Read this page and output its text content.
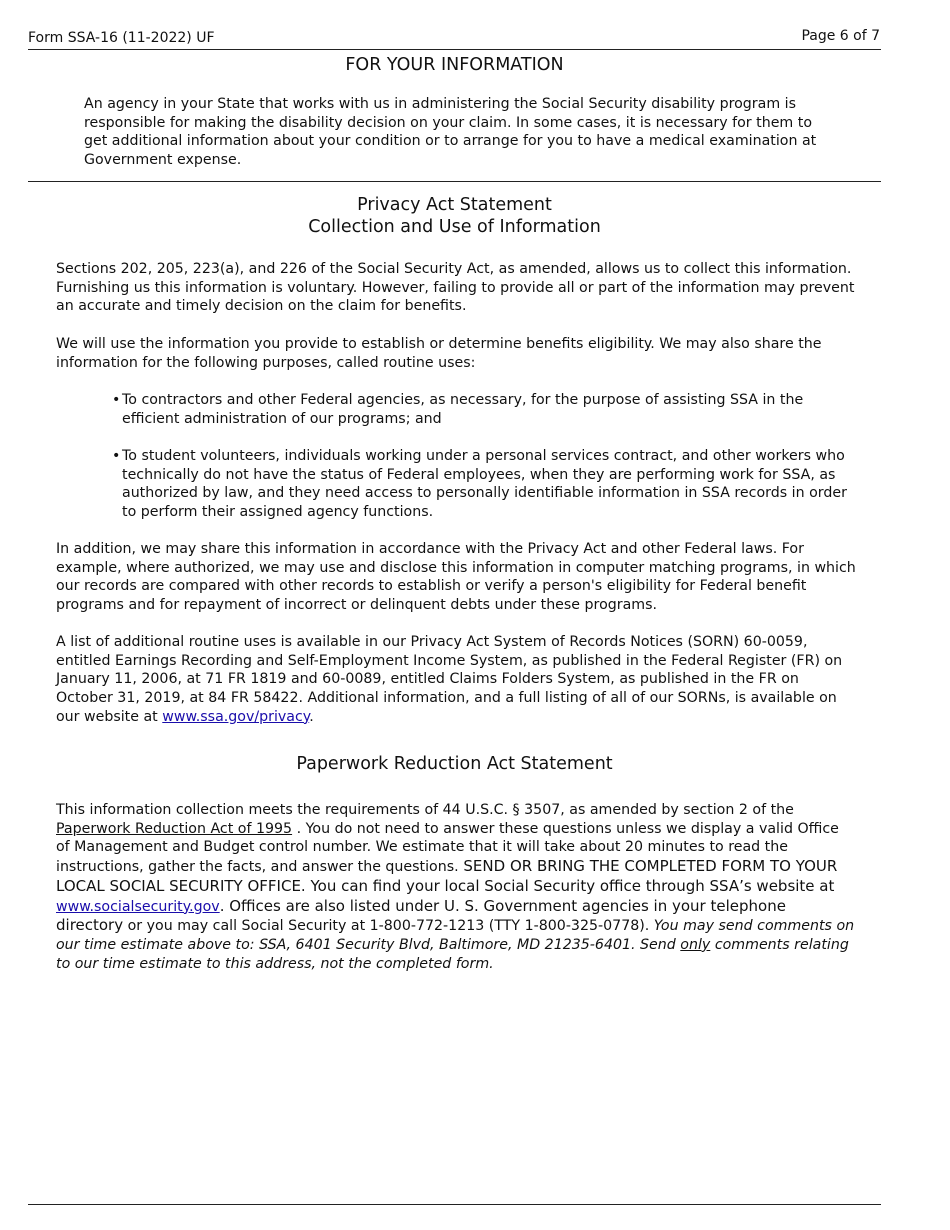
Form SSA-16 (11-2022) UF	Page 6 of 7
FOR YOUR INFORMATION
An agency in your State that works with us in administering the Social Security disability program is responsible for making the disability decision on your claim. In some cases, it is necessary for them to get additional information about your condition or to arrange for you to have a medical examination at Government expense.
Privacy Act Statement
Collection and Use of Information
Sections 202, 205, 223(a), and 226 of the Social Security Act, as amended, allows us to collect this information. Furnishing us this information is voluntary. However, failing to provide all or part of the information may prevent an accurate and timely decision on the claim for benefits.
We will use the information you provide to establish or determine benefits eligibility. We may also share the information for the following purposes, called routine uses:
• To contractors and other Federal agencies, as necessary, for the purpose of assisting SSA in the efficient administration of our programs; and
• To student volunteers, individuals working under a personal services contract, and other workers who technically do not have the status of Federal employees, when they are performing work for SSA, as authorized by law, and they need access to personally identifiable information in SSA records in order to perform their assigned agency functions.
In addition, we may share this information in accordance with the Privacy Act and other Federal laws. For example, where authorized, we may use and disclose this information in computer matching programs, in which our records are compared with other records to establish or verify a person's eligibility for Federal benefit programs and for repayment of incorrect or delinquent debts under these programs.
A list of additional routine uses is available in our Privacy Act System of Records Notices (SORN) 60-0059, entitled Earnings Recording and Self-Employment Income System, as published in the Federal Register (FR) on January 11, 2006, at 71 FR 1819 and 60-0089, entitled Claims Folders System, as published in the FR on October 31, 2019, at 84 FR 58422. Additional information, and a full listing of all of our SORNs, is available on our website at www.ssa.gov/privacy.
Paperwork Reduction Act Statement
This information collection meets the requirements of 44 U.S.C. § 3507, as amended by section 2 of the Paperwork Reduction Act of 1995 . You do not need to answer these questions unless we display a valid Office of Management and Budget control number. We estimate that it will take about 20 minutes to read the instructions, gather the facts, and answer the questions. SEND OR BRING THE COMPLETED FORM TO YOUR LOCAL SOCIAL SECURITY OFFICE. You can find your local Social Security office through SSA’s website at www.socialsecurity.gov. Offices are also listed under U. S. Government agencies in your telephone directory or you may call Social Security at 1-800-772-1213 (TTY 1-800-325-0778). You may send comments on our time estimate above to: SSA, 6401 Security Blvd, Baltimore, MD 21235-6401. Send only comments relating to our time estimate to this address, not the completed form.
